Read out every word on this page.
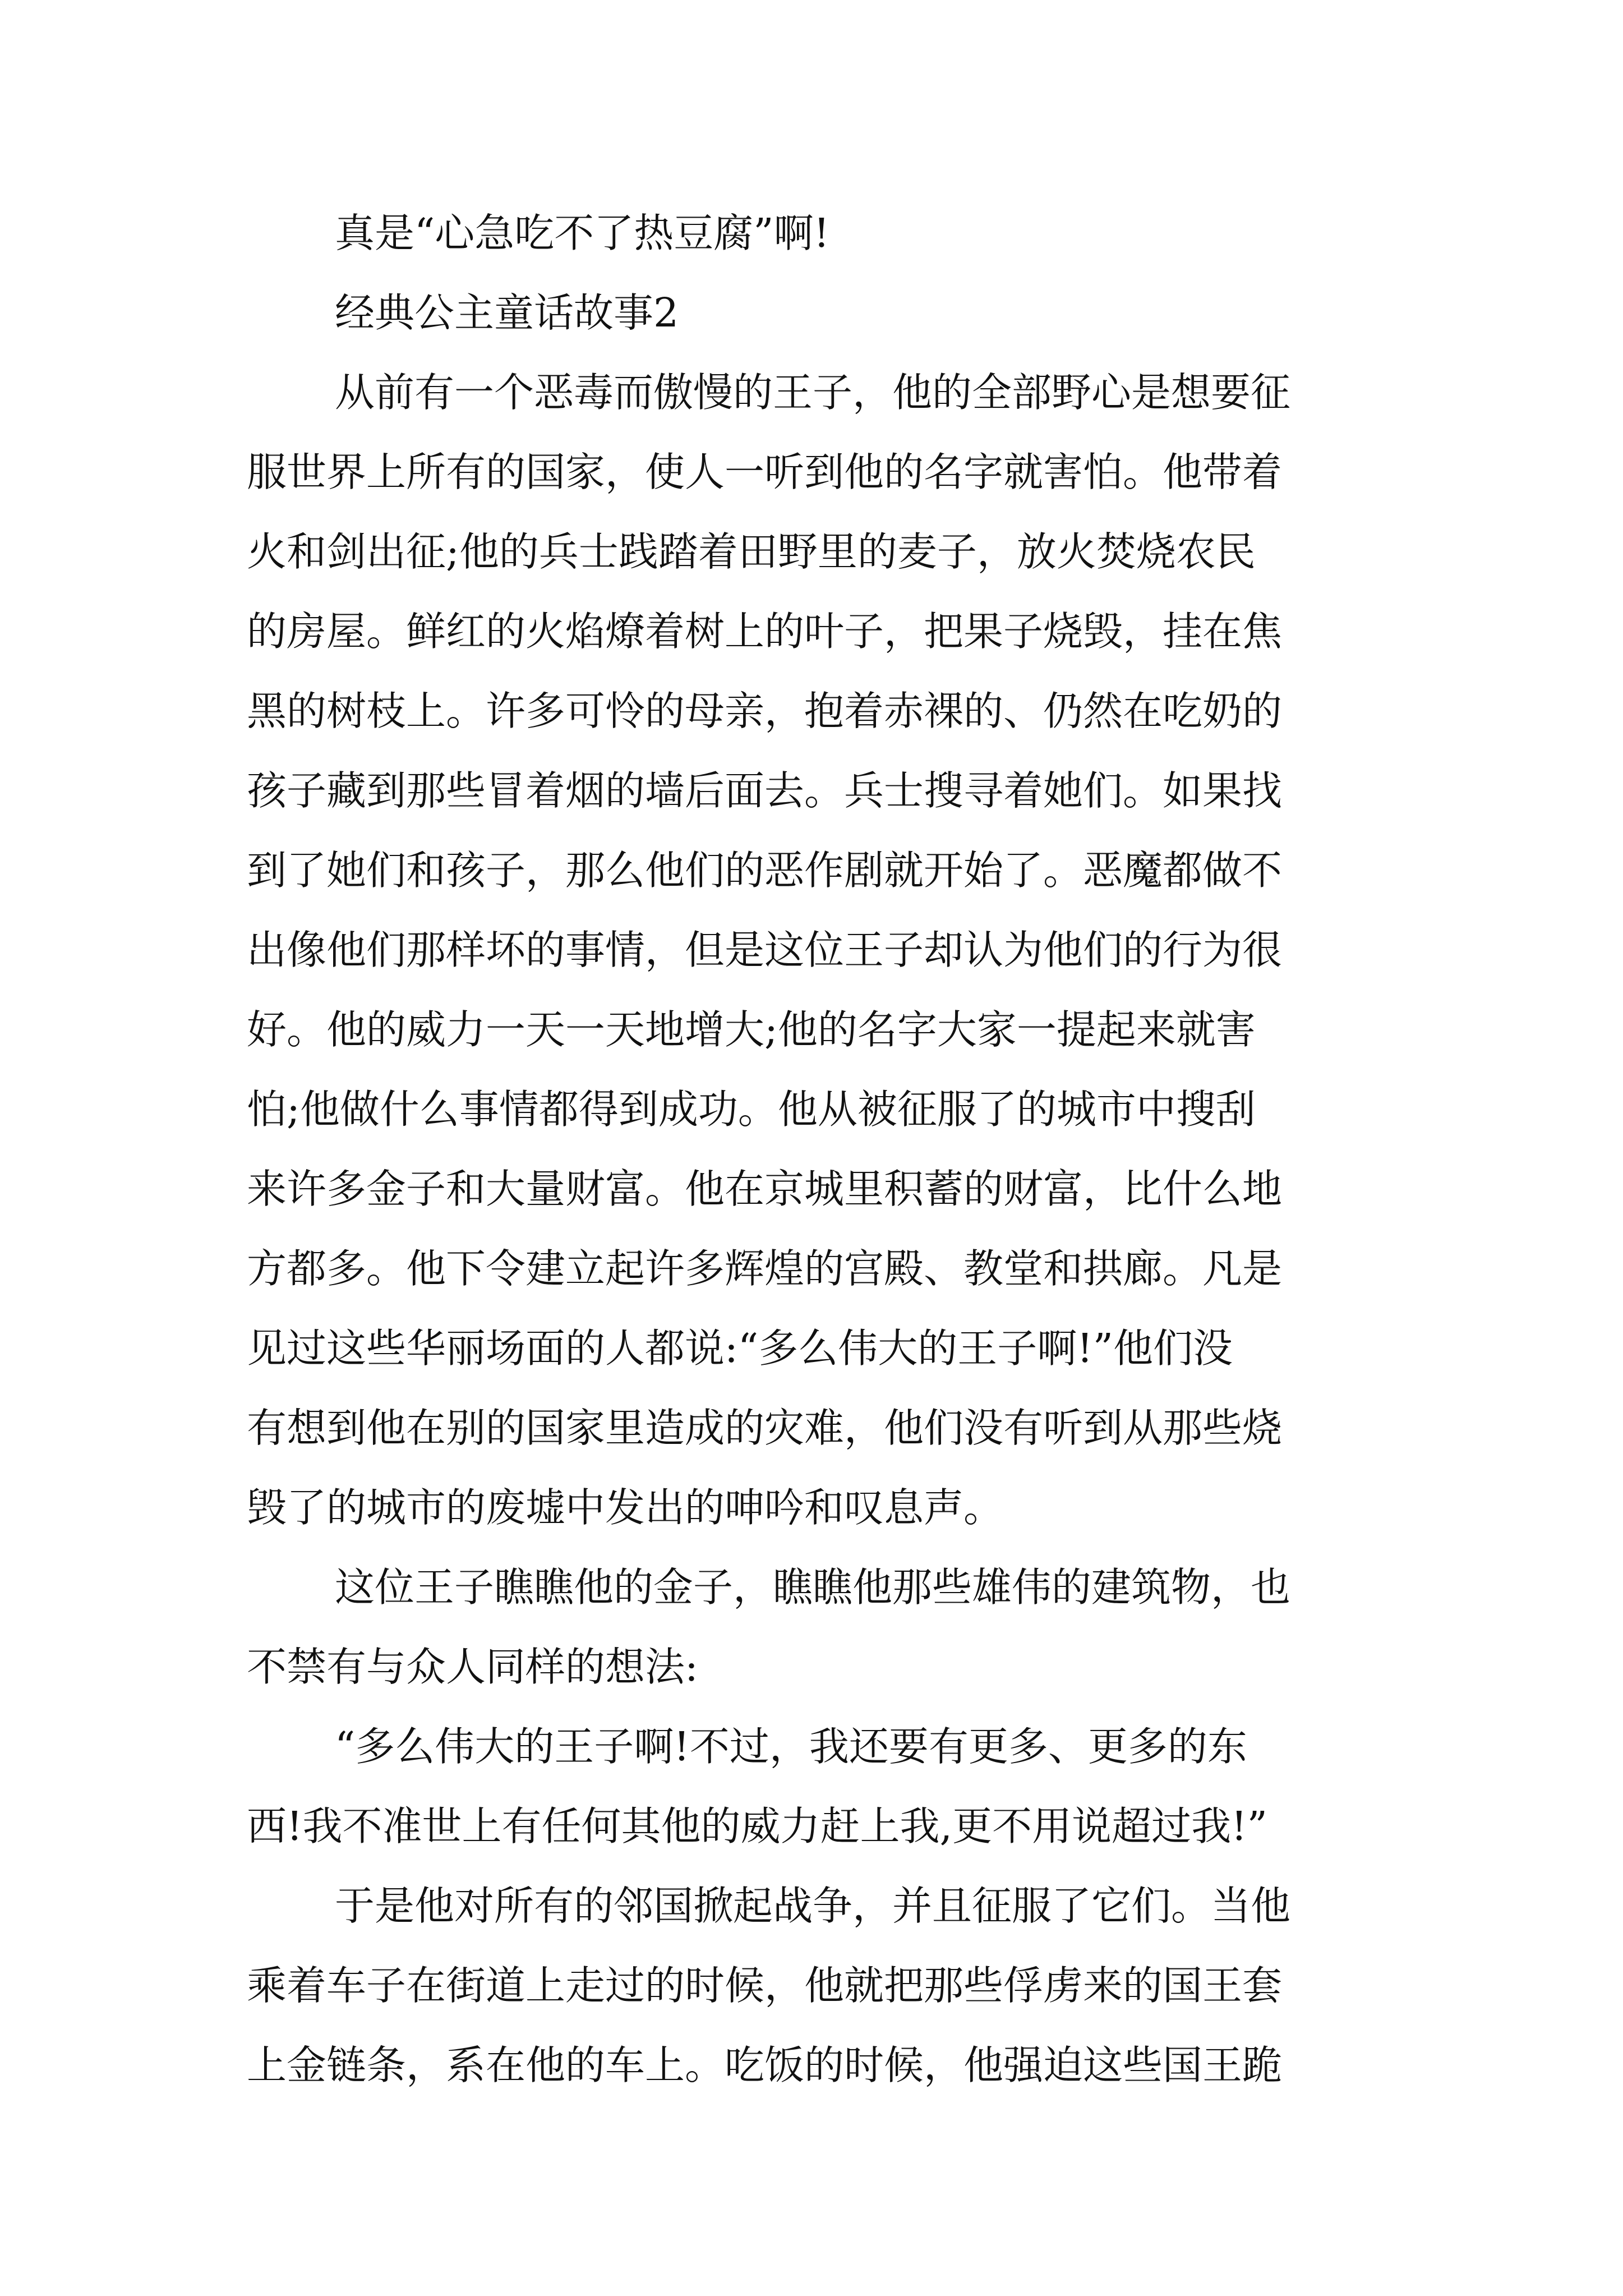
真是“心急吃不了热豆腐”啊!
经典公主童话故事2
从前有一个恶毒而傲慢的王子，他的全部野心是想要征
服世界上所有的国家，使人一听到他的名字就害怕。他带着
火和剑出征;他的兵士践踏着田野里的麦子，放火焚烧农民
的房屋。鲜红的火焰燎着树上的叶子，把果子烧毁，挂在焦
黑的树枝上。许多可怜的母亲，抱着赤裸的、仍然在吃奶的
孩子藏到那些冒着烟的墙后面去。兵士搜寻着她们。如果找
到了她们和孩子，那么他们的恶作剧就开始了。恶魔都做不
出像他们那样坏的事情，但是这位王子却认为他们的行为很
好。他的威力一天一天地增大;他的名字大家一提起来就害
怕;他做什么事情都得到成功。他从被征服了的城市中搜刮
来许多金子和大量财富。他在京城里积蓄的财富，比什么地
方都多。他下令建立起许多辉煌的宫殿、教堂和拱廊。凡是
见过这些华丽场面的人都说:“多么伟大的王子啊!”他们没
有想到他在别的国家里造成的灾难，他们没有听到从那些烧
毁了的城市的废墟中发出的呻吟和叹息声。
这位王子瞧瞧他的金子，瞧瞧他那些雄伟的建筑物，也
不禁有与众人同样的想法:
“多么伟大的王子啊!不过，我还要有更多、更多的东
西!我不准世上有任何其他的威力赶上我,更不用说超过我!”
于是他对所有的邻国掀起战争，并且征服了它们。当他
乘着车子在街道上走过的时候，他就把那些俘虏来的国王套
上金链条，系在他的车上。吃饭的时候，他强迫这些国王跪
